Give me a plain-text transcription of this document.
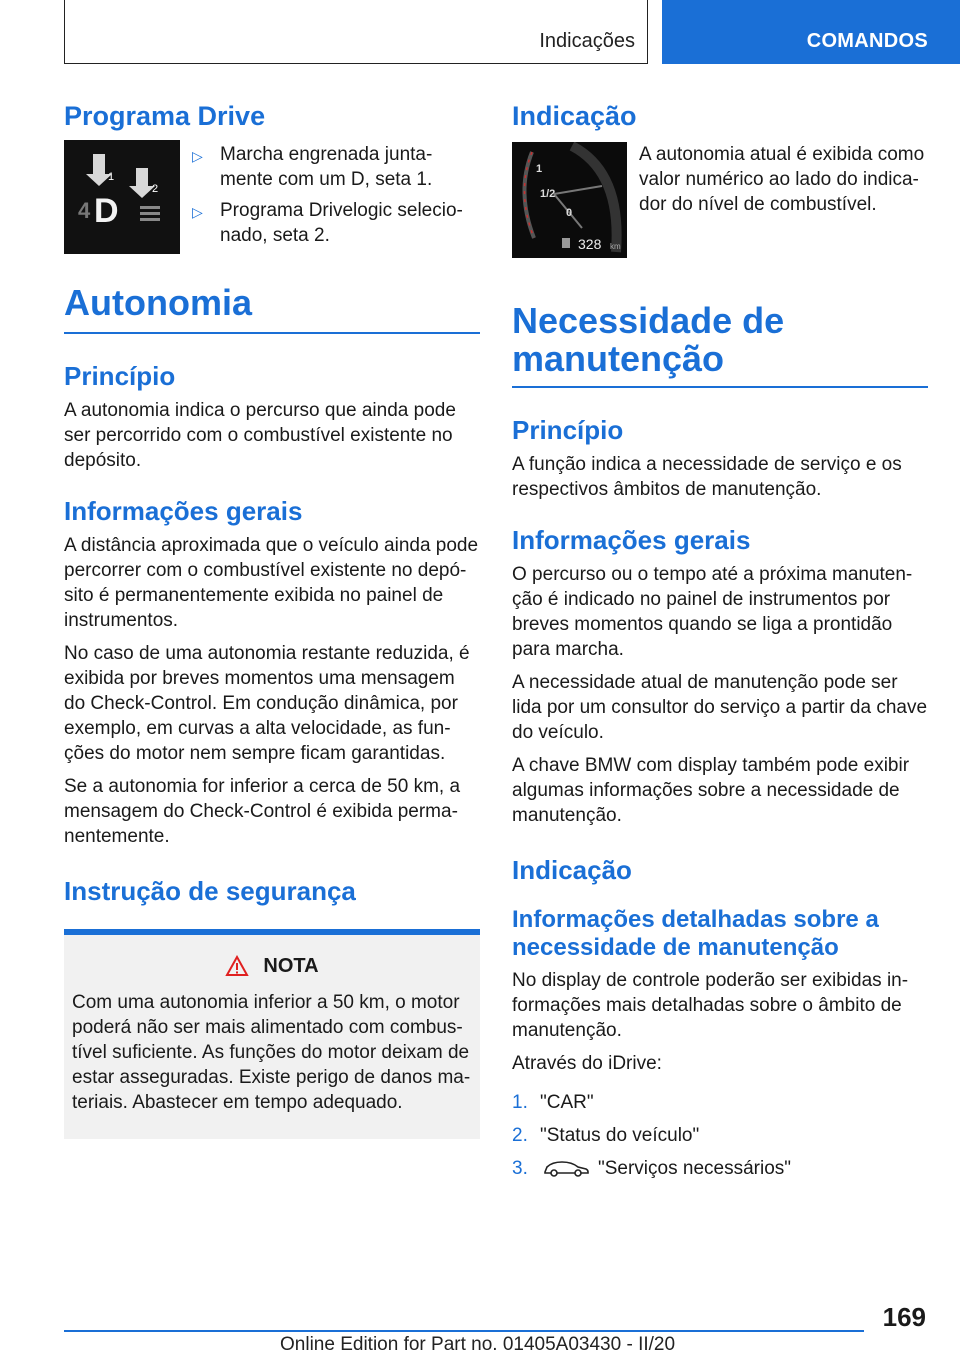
Indicações	COMANDOS
Programa Drive
1
2
4 D
▷ Marcha engrenada junta-mente com um D, seta 1.
▷ Programa Drivelogic selecio-nado, seta 2.
Autonomia
Princípio

A autonomia indica o percurso que ainda pode ser percorrido com o combustível existente no depósito.

Informações gerais

A distância aproximada que o veículo ainda pode percorrer com o combustível existente no depó-sito é permanentemente exibida no painel de instrumentos.

No caso de uma autonomia restante reduzida, é exibida por breves momentos uma mensagem do Check-Control. Em condução dinâmica, por exemplo, em curvas a alta velocidade, as fun-ções do motor nem sempre ficam garantidas.

Se a autonomia for inferior a cerca de 50 km, a mensagem do Check-Control é exibida perma-nentemente.

Instrução de segurança
NOTA

Com uma autonomia inferior a 50 km, o motor poderá não ser mais alimentado com combus-tível suficiente. As funções do motor deixam de estar asseguradas. Existe perigo de danos ma-teriais. Abastecer em tempo adequado.

Indicação
1
1/2
0
328 km

A autonomia atual é exibida como valor numérico ao lado do indica-dor do nível de combustível.

Necessidade de manutenção
Princípio

A função indica a necessidade de serviço e os respectivos âmbitos de manutenção.

Informações gerais

O percurso ou o tempo até a próxima manuten-ção é indicado no painel de instrumentos por breves momentos quando se liga a prontidão para marcha.

A necessidade atual de manutenção pode ser lida por um consultor do serviço a partir da chave do veículo.

A chave BMW com display também pode exibir algumas informações sobre a necessidade de manutenção.

Indicação
Informações detalhadas sobre a necessidade de manutenção

No display de controle poderão ser exibidas in-formações mais detalhadas sobre o âmbito de manutenção.

Através do iDrive:

1. "CAR"
2. "Status do veículo"
3.	"Serviços necessários"
169
Online Edition for Part no. 01405A03430 - II/20
